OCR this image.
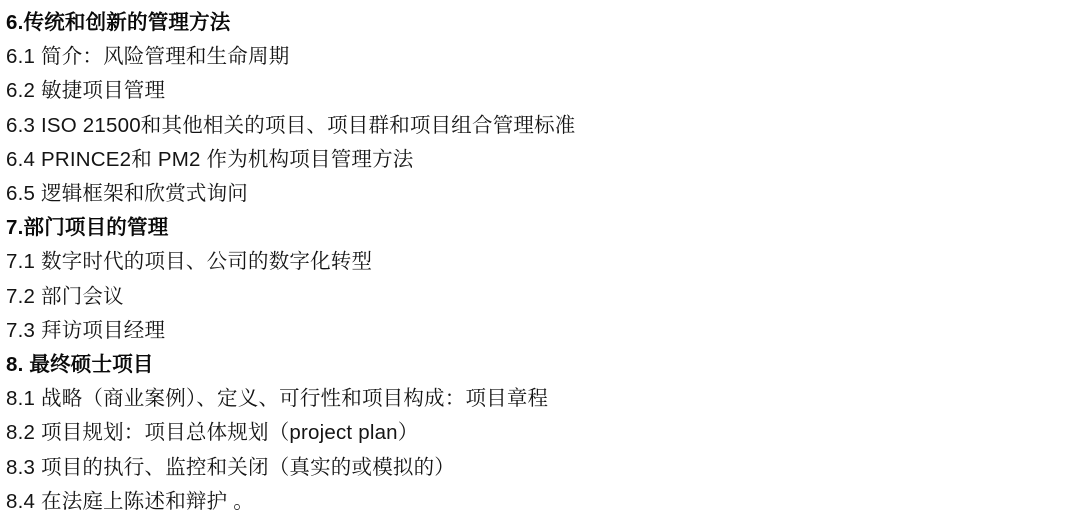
6.传统和创新的管理方法
6.1 简介：风险管理和生命周期
6.2 敏捷项目管理
6.3 ISO 21500和其他相关的项目、项目群和项目组合管理标准
6.4 PRINCE2和 PM2 作为机构项目管理方法
6.5 逻辑框架和欣赏式询问
7.部门项目的管理
7.1 数字时代的项目、公司的数字化转型
7.2 部门会议
7.3 拜访项目经理
8. 最终硕士项目
8.1 战略（商业案例）、定义、可行性和项目构成：项目章程
8.2 项目规划：项目总体规划（project plan）
8.3 项目的执行、监控和关闭（真实的或模拟的）
8.4 在法庭上陈述和辩护 。
